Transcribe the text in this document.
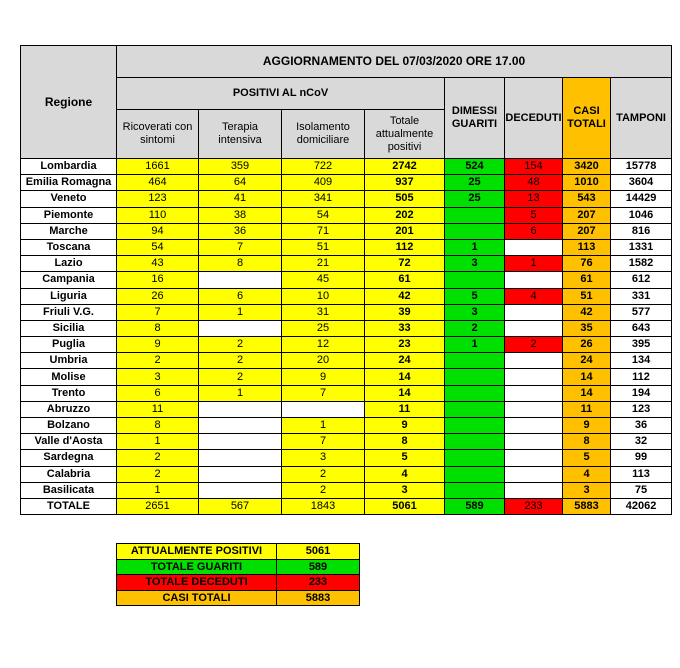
Regione	AGGIORNAMENTO DEL 07/03/2020 ORE 17.00							
	POSITIVI AL nCoV				DIMESSI GUARITI	DECEDUTI	CASI TOTALI	TAMPONI
	Ricoverati con sintomi	Terapia intensiva	Isolamento domiciliare	Totale attualmente positivi				
Lombardia	1661	359	722	2742	524	154	3420	15778
Emilia Romagna	464	64	409	937	25	48	1010	3604
Veneto	123	41	341	505	25	13	543	14429
Piemonte	110	38	54	202		5	207	1046
Marche	94	36	71	201		6	207	816
Toscana	54	7	51	112	1		113	1331
Lazio	43	8	21	72	3	1	76	1582
Campania	16		45	61			61	612
Liguria	26	6	10	42	5	4	51	331
Friuli V.G.	7	1	31	39	3		42	577
Sicilia	8		25	33	2		35	643
Puglia	9	2	12	23	1	2	26	395
Umbria	2	2	20	24			24	134
Molise	3	2	9	14			14	112
Trento	6	1	7	14			14	194
Abruzzo	11			11			11	123
Bolzano	8		1	9			9	36
Valle d'Aosta	1		7	8			8	32
Sardegna	2		3	5			5	99
Calabria	2		2	4			4	113
Basilicata	1		2	3			3	75
TOTALE	2651	567	1843	5061	589	233	5883	42062
ATTUALMENTE POSITIVI	5061
TOTALE GUARITI	589
TOTALE DECEDUTI	233
CASI TOTALI	5883
